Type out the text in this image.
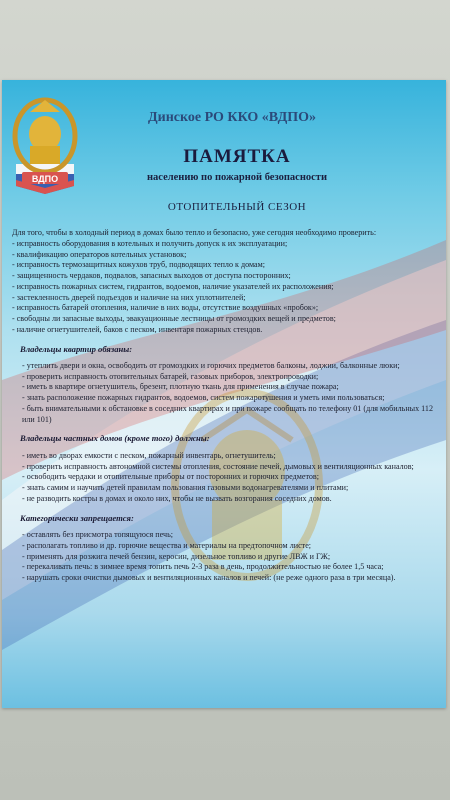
ВДПО
Динское РО ККО «ВДПО»
ПАМЯТКА
населению по пожарной безопасности
ОТОПИТЕЛЬНЫЙ СЕЗОН

Для того, чтобы в холодный период в домах было тепло и безопасно, уже сегодня необходимо проверить:

- исправность оборудования в котельных и получить допуск к их эксплуатации;
- квалификацию операторов котельных установок;
- исправность термозащитных кожухов труб, подводящих тепло к домам;
- защищенность чердаков, подвалов, запасных выходов от доступа посторонних;
- исправность пожарных систем, гидрантов, водоемов, наличие указателей их расположения;
- застекленность дверей подъездов и наличие на них уплотнителей;
- исправность батарей отопления, наличие в них воды, отсутствие воздушных «пробок»;
- свободны ли запасные выходы, эвакуационные лестницы от громоздких вещей и предметов;
- наличие огнетушителей, баков с песком, инвентаря пожарных стендов.
Владельцы квартир обязаны:
- утеплить двери и окна, освободить от громоздких и горючих предметов балконы, лоджии, балконные люки;
- проверить исправность отопительных батарей, газовых приборов, электропроводки;
- иметь в квартире огнетушитель, брезент, плотную ткань для применения в случае пожара;
- знать расположение пожарных гидрантов, водоемов, систем пожаротушения и уметь ими пользоваться;
- быть внимательными к обстановке в соседних квартирах и при пожаре сообщать по телефону 01 (для мобильных 112 или 101)
Владельцы частных домов (кроме того) должны:
- иметь во дворах емкости с песком, пожарный инвентарь, огнетушитель;
- проверить исправность автономной системы отопления, состояние печей, дымовых и вентиляционных каналов;
- освободить чердаки и отопительные приборы от посторонних и горючих предметов;
- знать самим и научить детей правилам пользования газовыми водонагревателями и плитами;
- не разводить костры в домах и около них, чтобы не вызвать возгорания соседних домов.
Категорически запрещается:
- оставлять без присмотра топящуюся печь;
- располагать топливо и др. горючие вещества и материалы на предтопочном листе;
- применять для розжига печей бензин, керосин, дизельное топливо и другие ЛВЖ и ГЖ;
- перекаливать печь: в зимнее время топить печь 2-3 раза в день, продолжительностью не более 1,5 часа;
- нарушать сроки очистки дымовых и вентиляционных каналов и печей: (не реже одного раза в три месяца).
